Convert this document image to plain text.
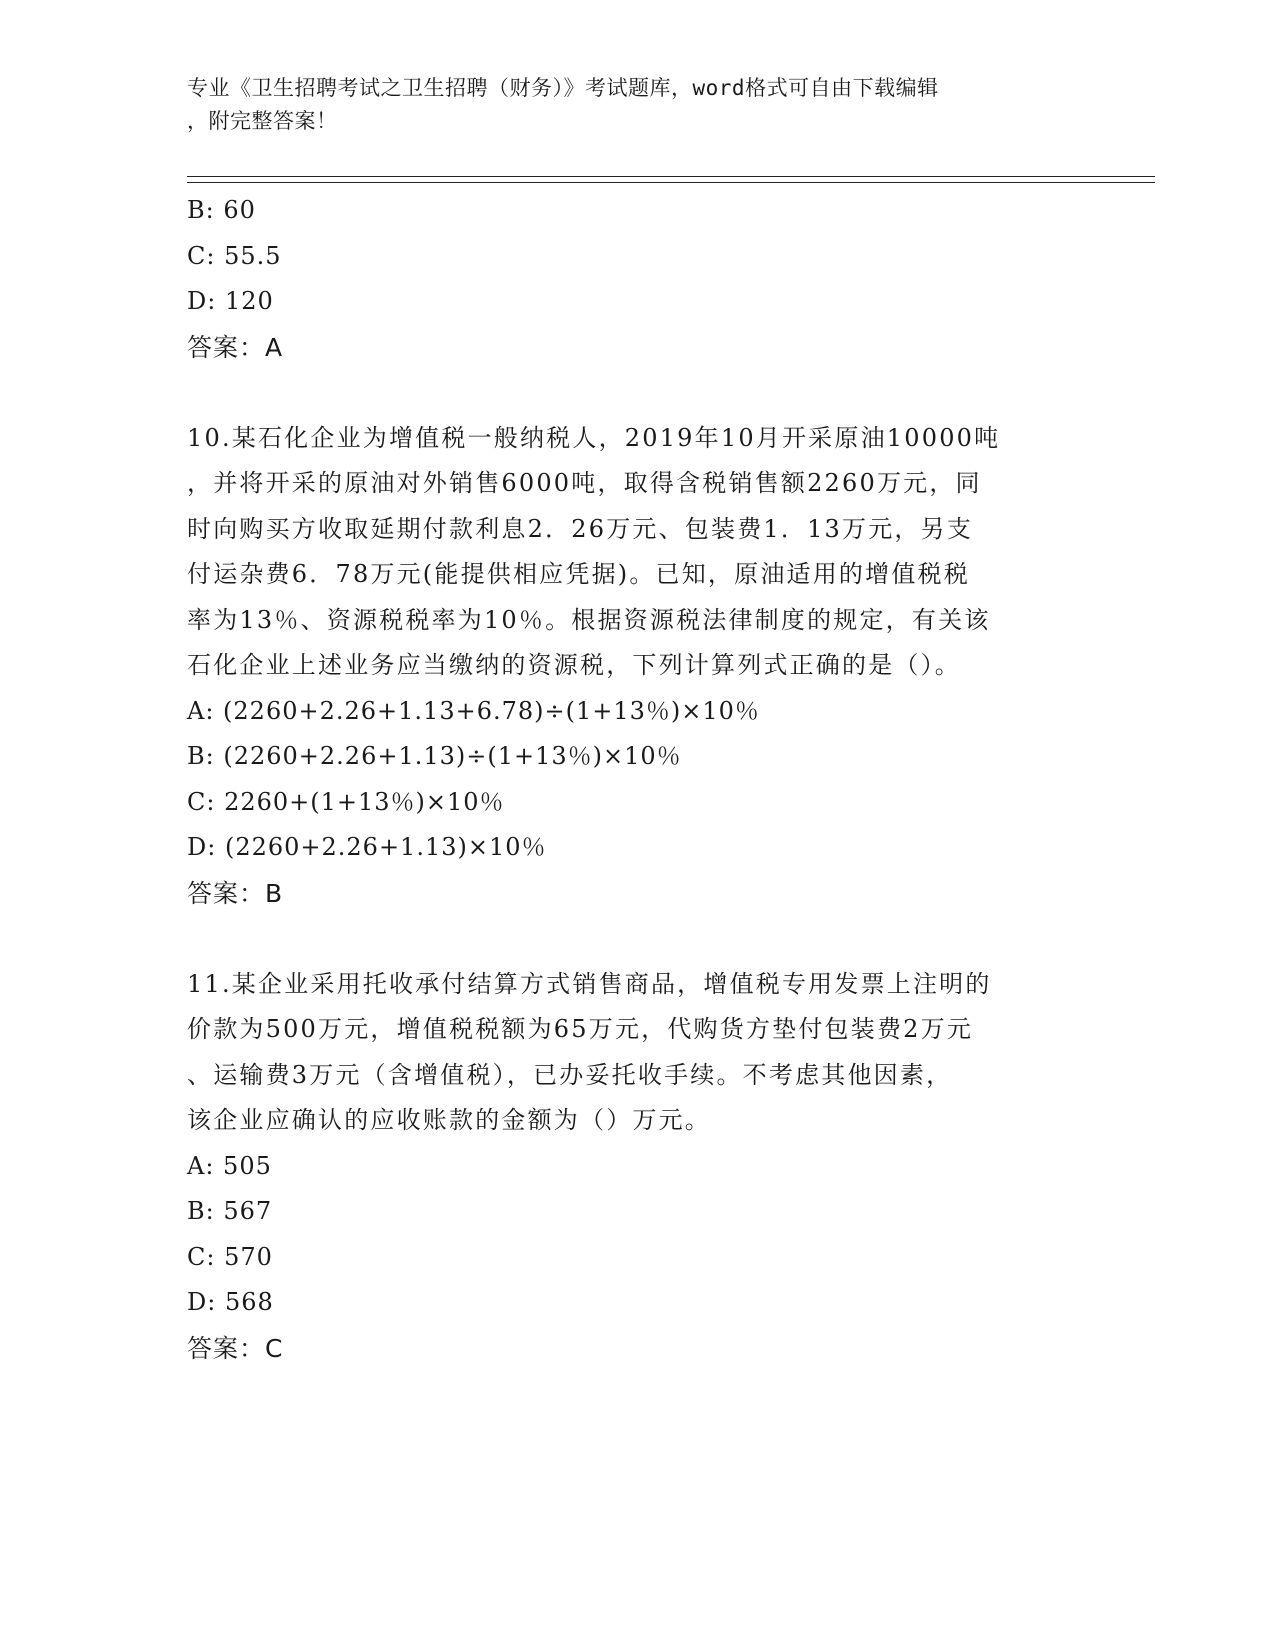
专业《卫生招聘考试之卫生招聘（财务）》考试题库，word格式可自由下载编辑
，附完整答案！
B: 60
C: 55.5
D: 120
答案：A
10.某石化企业为增值税一般纳税人，2019年10月开采原油10000吨
，并将开采的原油对外销售6000吨，取得含税销售额2260万元，同
时向购买方收取延期付款利息2．26万元、包装费1．13万元，另支
付运杂费6．78万元(能提供相应凭据)。已知，原油适用的增值税税
率为13％、资源税税率为10％。根据资源税法律制度的规定，有关该
石化企业上述业务应当缴纳的资源税，下列计算列式正确的是（）。
A: (2260+2.26+1.13+6.78)÷(1+13％)×10％
B: (2260+2.26+1.13)÷(1+13％)×10％
C: 2260+(1+13％)×10％
D: (2260+2.26+1.13)×10％
答案：B
11.某企业采用托收承付结算方式销售商品，增值税专用发票上注明的
价款为500万元，增值税税额为65万元，代购货方垫付包装费2万元
、运输费3万元（含增值税），已办妥托收手续。不考虑其他因素，
该企业应确认的应收账款的金额为（）万元。
A: 505
B: 567
C: 570
D: 568
答案：C
